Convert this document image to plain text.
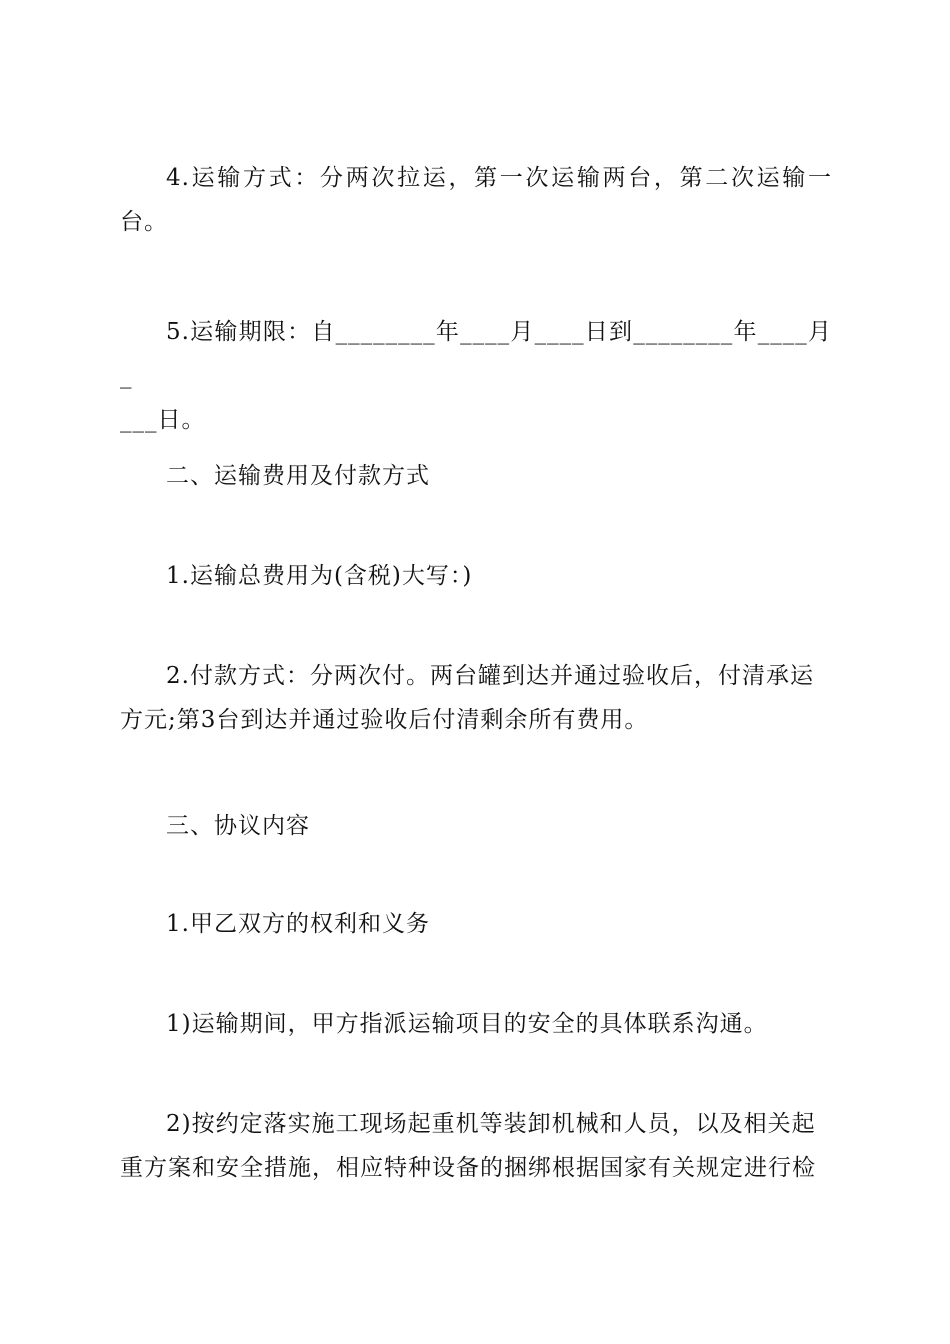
4.运输方式：分两次拉运，第一次运输两台，第二次运输一台。
5.运输期限：自________年____月____日到________年____月_
___日。
二、运输费用及付款方式
1.运输总费用为(含税)大写：)
2.付款方式：分两次付。两台罐到达并通过验收后，付清承运
方元;第3台到达并通过验收后付清剩余所有费用。
三、协议内容
1.甲乙双方的权利和义务
1)运输期间，甲方指派运输项目的安全的具体联系沟通。
2)按约定落实施工现场起重机等装卸机械和人员，以及相关起
重方案和安全措施，相应特种设备的捆绑根据国家有关规定进行检
